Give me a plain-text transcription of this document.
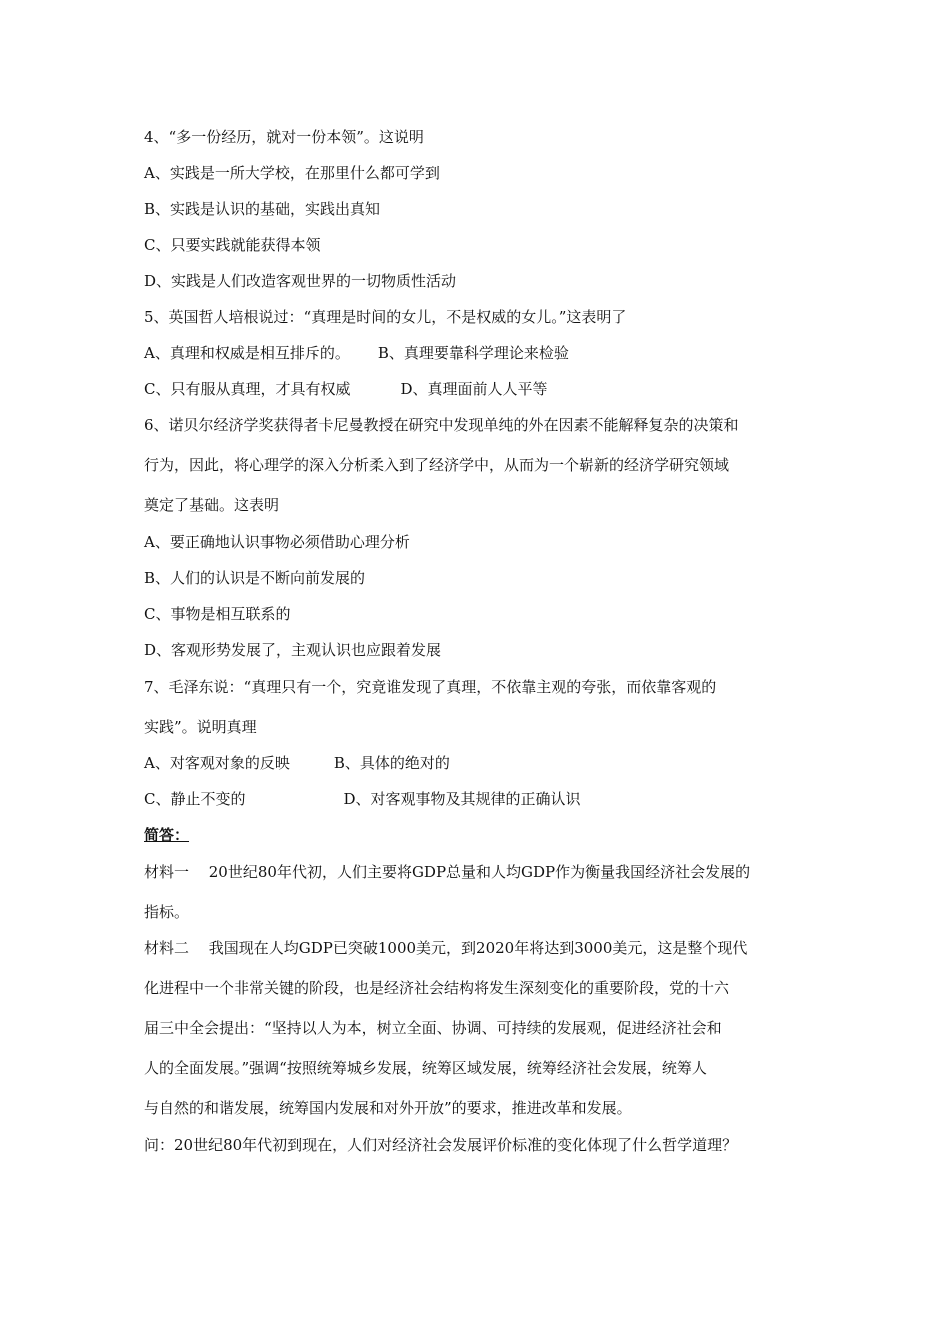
4、“多一份经历，就对一份本领”。这说明
A、实践是一所大学校，在那里什么都可学到
B、实践是认识的基础，实践出真知
C、只要实践就能获得本领
D、实践是人们改造客观世界的一切物质性活动
5、英国哲人培根说过：“真理是时间的女儿，不是权威的女儿。”这表明了
A、真理和权威是相互排斥的。 B、真理要靠科学理论来检验
C、只有服从真理，才具有权威	D、真理面前人人平等
6、诺贝尔经济学奖获得者卡尼曼教授在研究中发现单纯的外在因素不能解释复杂的决策和
行为，因此，将心理学的深入分析柔入到了经济学中，从而为一个崭新的经济学研究领域
奠定了基础。这表明
A、要正确地认识事物必须借助心理分析
B、人们的认识是不断向前发展的
C、事物是相互联系的
D、客观形势发展了，主观认识也应跟着发展
7、毛泽东说：“真理只有一个，究竟谁发现了真理，不依靠主观的夸张，而依靠客观的
实践”。说明真理
A、对客观对象的反映	B、具体的绝对的
C、静止不变的	D、对客观事物及其规律的正确认识
简答：
材料一　 20世纪80年代初，人们主要将GDP总量和人均GDP作为衡量我国经济社会发展的
指标。
材料二　 我国现在人均GDP已突破1000美元，到2020年将达到3000美元，这是整个现代
化进程中一个非常关键的阶段，也是经济社会结构将发生深刻变化的重要阶段，党的十六
届三中全会提出：“坚持以人为本，树立全面、协调、可持续的发展观，促进经济社会和
人的全面发展。”强调“按照统筹城乡发展，统筹区域发展，统筹经济社会发展，统筹人
与自然的和谐发展，统筹国内发展和对外开放”的要求，推进改革和发展。
问：20世纪80年代初到现在，人们对经济社会发展评价标准的变化体现了什么哲学道理？
